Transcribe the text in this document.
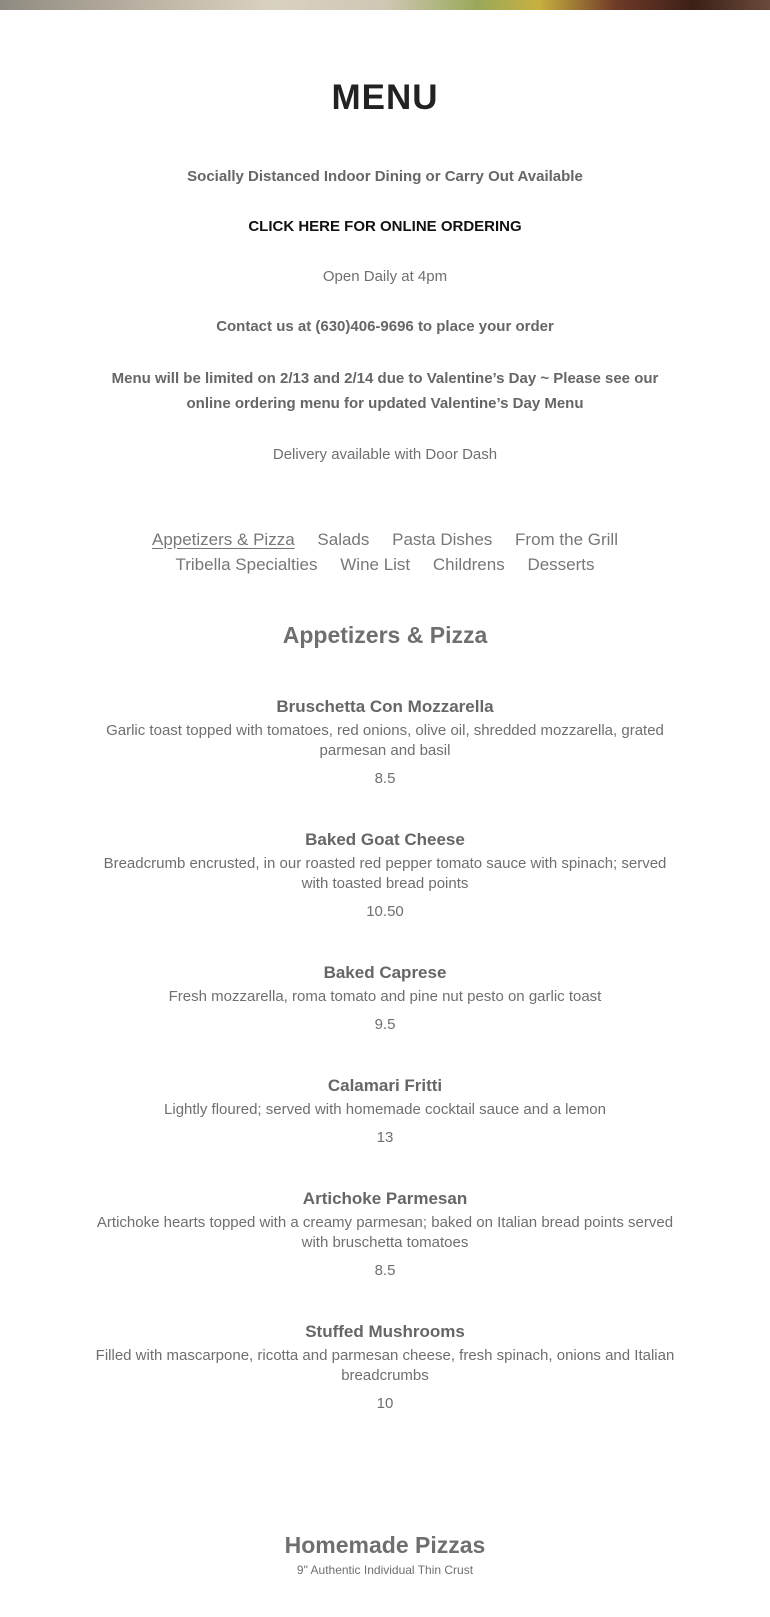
MENU

Socially Distanced Indoor Dining or Carry Out Available

CLICK HERE FOR ONLINE ORDERING

Open Daily at 4pm

Contact us at (630)406-9696 to place your order

Menu will be limited on 2/13 and 2/14 due to Valentine’s Day ~ Please see our
online ordering menu for updated Valentine’s Day Menu

Delivery available with Door Dash

Appetizers & Pizza Salads Pasta Dishes From the Grill
Tribella Specialties Wine List Childrens Desserts
Appetizers & Pizza
Bruschetta Con Mozzarella
Garlic toast topped with tomatoes, red onions, olive oil, shredded mozzarella, grated parmesan and basil
8.5
Baked Goat Cheese
Breadcrumb encrusted, in our roasted red pepper tomato sauce with spinach; served with toasted bread points
10.50
Baked Caprese
Fresh mozzarella, roma tomato and pine nut pesto on garlic toast
9.5
Calamari Fritti
Lightly floured; served with homemade cocktail sauce and a lemon
13
Artichoke Parmesan
Artichoke hearts topped with a creamy parmesan; baked on Italian bread points served with bruschetta tomatoes
8.5
Stuffed Mushrooms
Filled with mascarpone, ricotta and parmesan cheese, fresh spinach, onions and Italian breadcrumbs
10
Homemade Pizzas

9" Authentic Individual Thin Crust
